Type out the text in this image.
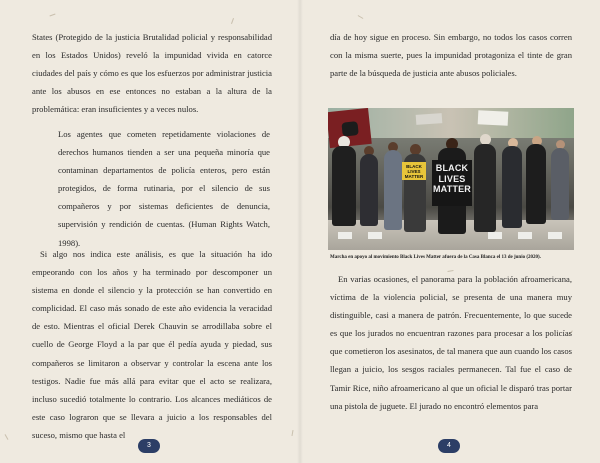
States (Protegido de la justicia Brutalidad policial y responsabilidad en los Estados Unidos) reveló la impunidad vivida en catorce ciudades del país y cómo es que los esfuerzos por administrar justicia ante los abusos en ese entonces no estaban a la altura de la problemática: eran insuficientes y a veces nulos.

Los agentes que cometen repetidamente violaciones de derechos humanos tienden a ser una pequeña minoría que contaminan departamentos de policía enteros, pero están protegidos, de forma rutinaria, por el silencio de sus compañeros y por sistemas deficientes de denuncia, supervisión y rendición de cuentas. (Human Rights Watch, 1998).

Si algo nos indica este análisis, es que la situación ha ido empeorando con los años y ha terminado por descomponer un sistema en donde el silencio y la protección se han convertido en complicidad. El caso más sonado de este año evidencia la veracidad de esto. Mientras el oficial Derek Chauvin se arrodillaba sobre el cuello de George Floyd a la par que él pedía ayuda y piedad, sus compañeros se limitaron a observar y controlar la escena ante los testigos. Nadie fue más allá para evitar que el acto se realizara, incluso sucedió totalmente lo contrario. Los alcances mediáticos de este caso lograron que se llevara a juicio a los responsables del suceso, mismo que hasta el

3

día de hoy sigue en proceso. Sin embargo, no todos los casos corren con la misma suerte, pues la impunidad protagoniza el tinte de gran parte de la búsqueda de justicia ante abusos policiales.

BLACK LIVES MATTER
BLACK
LIVES
MATTER

Marcha en apoyo al movimiento Black Lives Matter afuera de la Casa Blanca el 13 de junio (2020).

En varias ocasiones, el panorama para la población afroamericana, víctima de la violencia policial, se presenta de una manera muy distinguible, casi a manera de patrón. Frecuentemente, lo que sucede es que los jurados no encuentran razones para procesar a los policías que cometieron los asesinatos, de tal manera que aun cuando los casos llegan a juicio, los sesgos raciales permanecen. Tal fue el caso de Tamir Rice, niño afroamericano al que un oficial le disparó tras portar una pistola de juguete. El jurado no encontró elementos para

4
